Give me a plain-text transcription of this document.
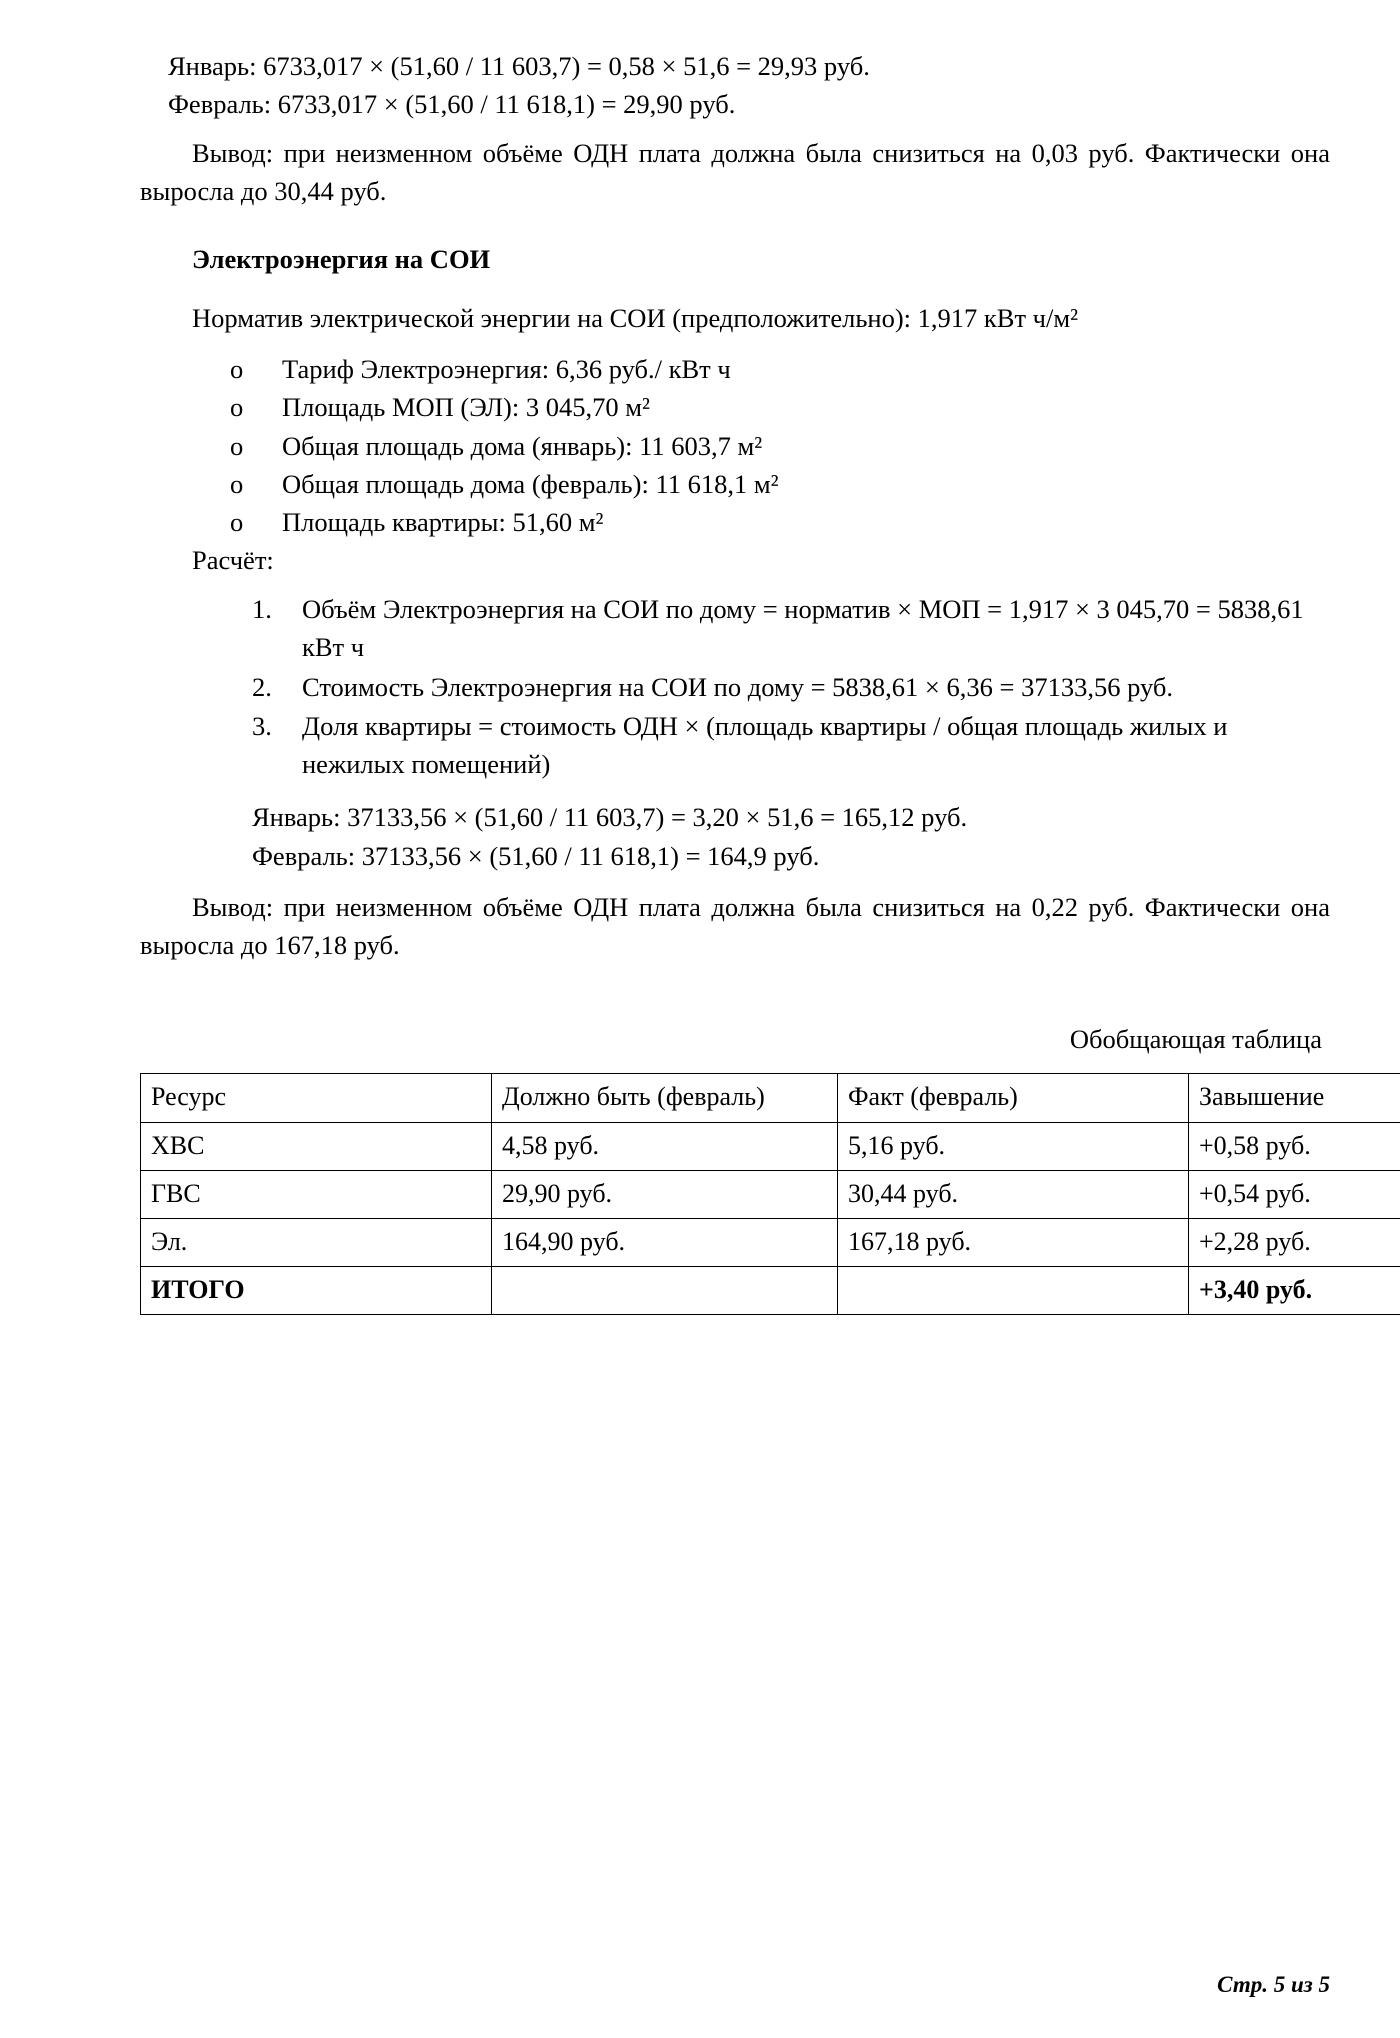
Январь: 6733,017 × (51,60 / 11 603,7) = 0,58 × 51,6 = 29,93 руб.

Февраль: 6733,017 × (51,60 / 11 618,1) = 29,90 руб.

Вывод: при неизменном объёме ОДН плата должна была снизиться на 0,03 руб. Фактически она выросла до 30,44 руб.

Электроэнергия на СОИ

Норматив электрической энергии на СОИ (предположительно): 1,917 кВт ч/м²

o Тариф Электроэнергия: 6,36 руб./ кВт ч
o Площадь МОП (ЭЛ): 3 045,70 м²
o Общая площадь дома (январь): 11 603,7 м²
o Общая площадь дома (февраль): 11 618,1 м²
o Площадь квартиры: 51,60 м²

Расчёт:

Объём Электроэнергия на СОИ по дому = норматив × МОП = 1,917 × 3 045,70 = 5838,61 кВт ч
Стоимость Электроэнергия на СОИ по дому = 5838,61 × 6,36 = 37133,56 руб.
Доля квартиры = стоимость ОДН × (площадь квартиры / общая площадь жилых и нежилых помещений)

Январь: 37133,56 × (51,60 / 11 603,7) = 3,20 × 51,6 = 165,12 руб.

Февраль: 37133,56 × (51,60 / 11 618,1) = 164,9 руб.

Вывод: при неизменном объёме ОДН плата должна была снизиться на 0,22 руб. Фактически она выросла до 167,18 руб.

Обобщающая таблица

Ресурс	Должно быть (февраль)	Факт (февраль)	Завышение
ХВС	4,58 руб.	5,16 руб.	+0,58 руб.
ГВС	29,90 руб.	30,44 руб.	+0,54 руб.
Эл.	164,90 руб.	167,18 руб.	+2,28 руб.
ИТОГО			+3,40 руб.
Стр. 5 из 5
